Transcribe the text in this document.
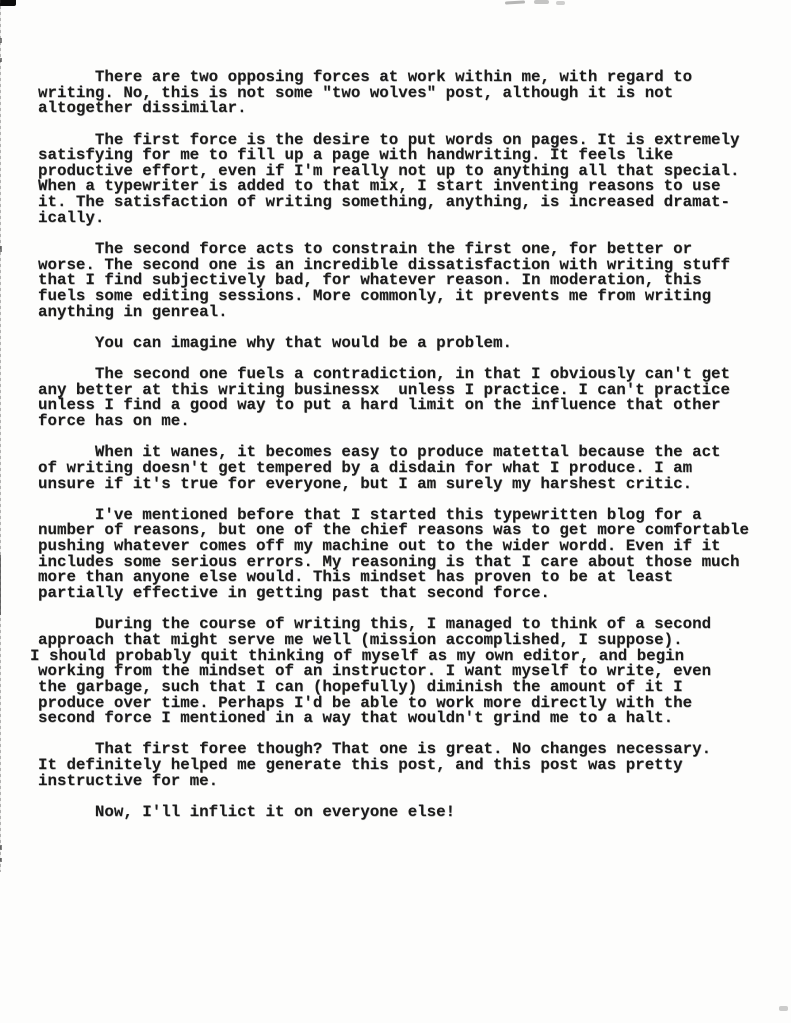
There are two opposing forces at work within me, with regard to
writing. No, this is not some "two wolves" post, although it is not
altogether dissimilar.
The first force is the desire to put words on pages. It is extremely
satisfying for me to fill up a page with handwriting. It feels like
productive effort, even if I'm really not up to anything all that special.
When a typewriter is added to that mix, I start inventing reasons to use
it. The satisfaction of writing something, anything, is increased dramat-
ically.
The second force acts to constrain the first one, for better or
worse. The second one is an incredible dissatisfaction with writing stuff
that I find subjectively bad, for whatever reason. In moderation, this
fuels some editing sessions. More commonly, it prevents me from writing
anything in genreal.
You can imagine why that would be a problem.
The second one fuels a contradiction, in that I obviously can't get
any better at this writing businessx  unless I practice. I can't practice
unless I find a good way to put a hard limit on the influence that other
force has on me.
When it wanes, it becomes easy to produce matettal because the act
of writing doesn't get tempered by a disdain for what I produce. I am
unsure if it's true for everyone, but I am surely my harshest critic.
I've mentioned before that I started this typewritten blog for a
number of reasons, but one of the chief reasons was to get more comfortable
pushing whatever comes off my machine out to the wider wordd. Even if it
includes some serious errors. My reasoning is that I care about those much
more than anyone else would. This mindset has proven to be at least
partially effective in getting past that second force.
During the course of writing this, I managed to think of a second
approach that might serve me well (mission accomplished, I suppose).
I should probably quit thinking of myself as my own editor, and begin
working from the mindset of an instructor. I want myself to write, even
the garbage, such that I can (hopefully) diminish the amount of it I
produce over time. Perhaps I'd be able to work more directly with the
second force I mentioned in a way that wouldn't grind me to a halt.
That first foree though? That one is great. No changes necessary.
It definitely helped me generate this post, and this post was pretty
instructive for me.
Now, I'll inflict it on everyone else!
